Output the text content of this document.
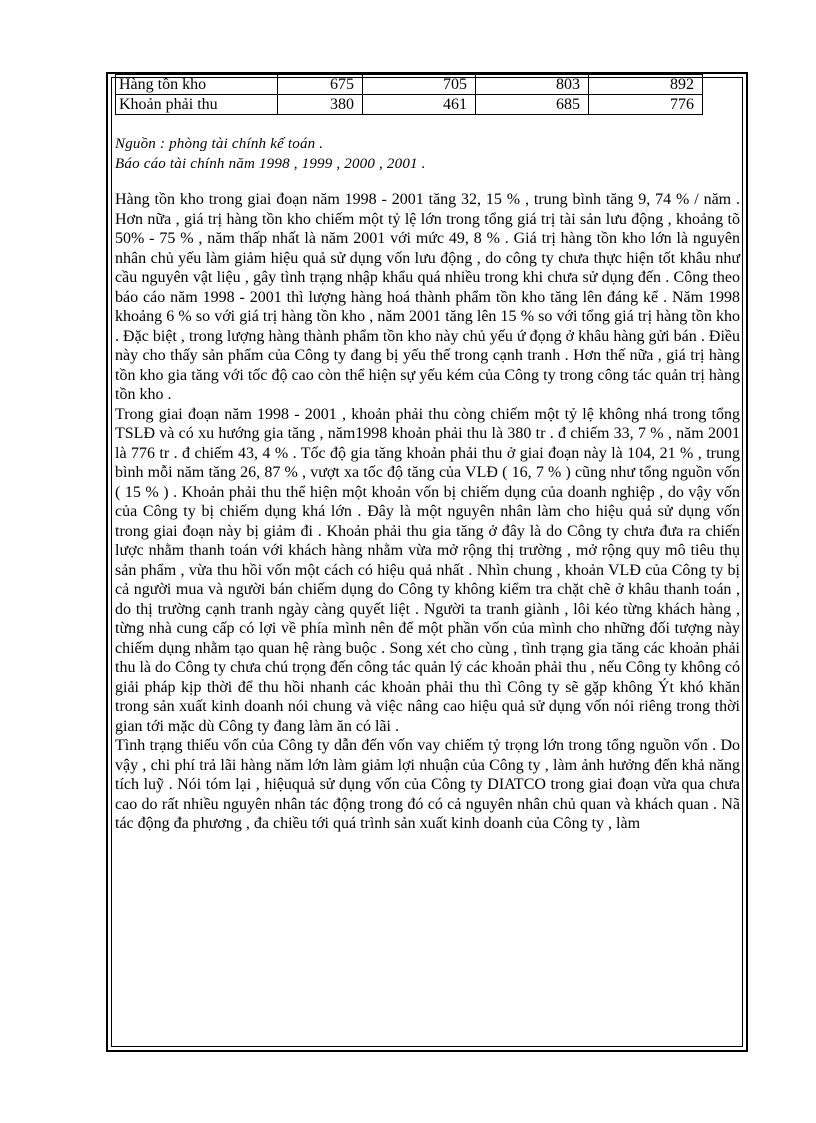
Hàng tồn kho	675	705	803	892
Khoản phải thu	380	461	685	776
Nguồn : phòng tài chính kế toán .
Báo cáo tài chính năm 1998 , 1999 , 2000 , 2001 .

Hàng tồn kho trong giai đoạn năm 1998 - 2001 tăng 32, 15 % , trung bình tăng 9, 74 % / năm . Hơn nữa , giá trị hàng tồn kho chiếm một tỷ lệ lớn trong tổng giá trị tài sản lưu động , khoảng tõ 50% - 75 % , năm thấp nhất là năm 2001 với mức 49, 8 % . Giá trị hàng tồn kho lớn là nguyên nhân chủ yếu làm giảm hiệu quả sử dụng vốn lưu động , do công ty chưa thực hiện tốt khâu như cầu nguyên vật liệu , gây tình trạng nhập khẩu quá nhiều trong khi chưa sử dụng đến . Công theo báo cáo năm 1998 - 2001 thì lượng hàng hoá thành phẩm tồn kho tăng lên đáng kể . Năm 1998 khoảng 6 % so với giá trị hàng tồn kho , năm 2001 tăng lên 15 % so với tổng giá trị hàng tồn kho . Đặc biệt , trong lượng hàng thành phẩm tồn kho này chủ yếu ứ đọng ở khâu hàng gửi bán . Điều này cho thấy sản phẩm của Công ty đang bị yếu thế trong cạnh tranh . Hơn thế nữa , giá trị hàng tồn kho gia tăng với tốc độ cao còn thể hiện sự yếu kém của Công ty trong công tác quản trị hàng tồn kho .

Trong giai đoạn năm 1998 - 2001 , khoản phải thu còng chiếm một tỷ lệ không nhá trong tổng TSLĐ và có xu hướng gia tăng , năm1998 khoản phải thu là 380 tr . đ chiếm 33, 7 % , năm 2001 là 776 tr . đ chiếm 43, 4 % . Tốc độ gia tăng khoản phải thu ở giai đoạn này là 104, 21 % , trung bình mỗi năm tăng 26, 87 % , vượt xa tốc độ tăng của VLĐ ( 16, 7 % ) cũng như tổng nguồn vốn ( 15 % ) . Khoản phải thu thể hiện một khoản vốn bị chiếm dụng của doanh nghiệp , do vậy vốn của Công ty bị chiếm dụng khá lớn . Đây là một nguyên nhân làm cho hiệu quả sử dụng vốn trong giai đoạn này bị giảm đi . Khoản phải thu gia tăng ở đây là do Công ty chưa đưa ra chiến lược nhằm thanh toán với khách hàng nhằm vừa mở rộng thị trường , mở rộng quy mô tiêu thụ sản phẩm , vừa thu hồi vốn một cách có hiệu quả nhất . Nhìn chung , khoản VLĐ của Công ty bị cả người mua và người bán chiếm dụng do Công ty không kiểm tra chặt chẽ ở khâu thanh toán , do thị trường cạnh tranh ngày càng quyết liệt . Người ta tranh giành , lôi kéo từng khách hàng , từng nhà cung cấp có lợi về phía mình nên để một phần vốn của mình cho những đối tượng này chiếm dụng nhằm tạo quan hệ ràng buộc . Song xét cho cùng , tình trạng gia tăng các khoản phải thu là do Công ty chưa chú trọng đến công tác quản lý các khoản phải thu , nếu Công ty không có giải pháp kịp thời để thu hồi nhanh các khoản phải thu thì Công ty sẽ gặp không Ýt khó khăn trong sản xuất kinh doanh nói chung và việc nâng cao hiệu quả sử dụng vốn nói riêng trong thời gian tới mặc dù Công ty đang làm ăn có lãi .

Tình trạng thiếu vốn của Công ty dẫn đến vốn vay chiếm tỷ trọng lớn trong tổng nguồn vốn . Do vậy , chi phí trả lãi hàng năm lớn làm giảm lợi nhuận của Công ty , làm ảnh hưởng đến khả năng tích luỹ . Nói tóm lại , hiệuquả sử dụng vốn của Công ty DIATCO trong giai đoạn vừa qua chưa cao do rất nhiều nguyên nhân tác động trong đó có cả nguyên nhân chủ quan và khách quan . Nã tác động đa phương , đa chiều tới quá trình sản xuất kinh doanh của Công ty , làm
